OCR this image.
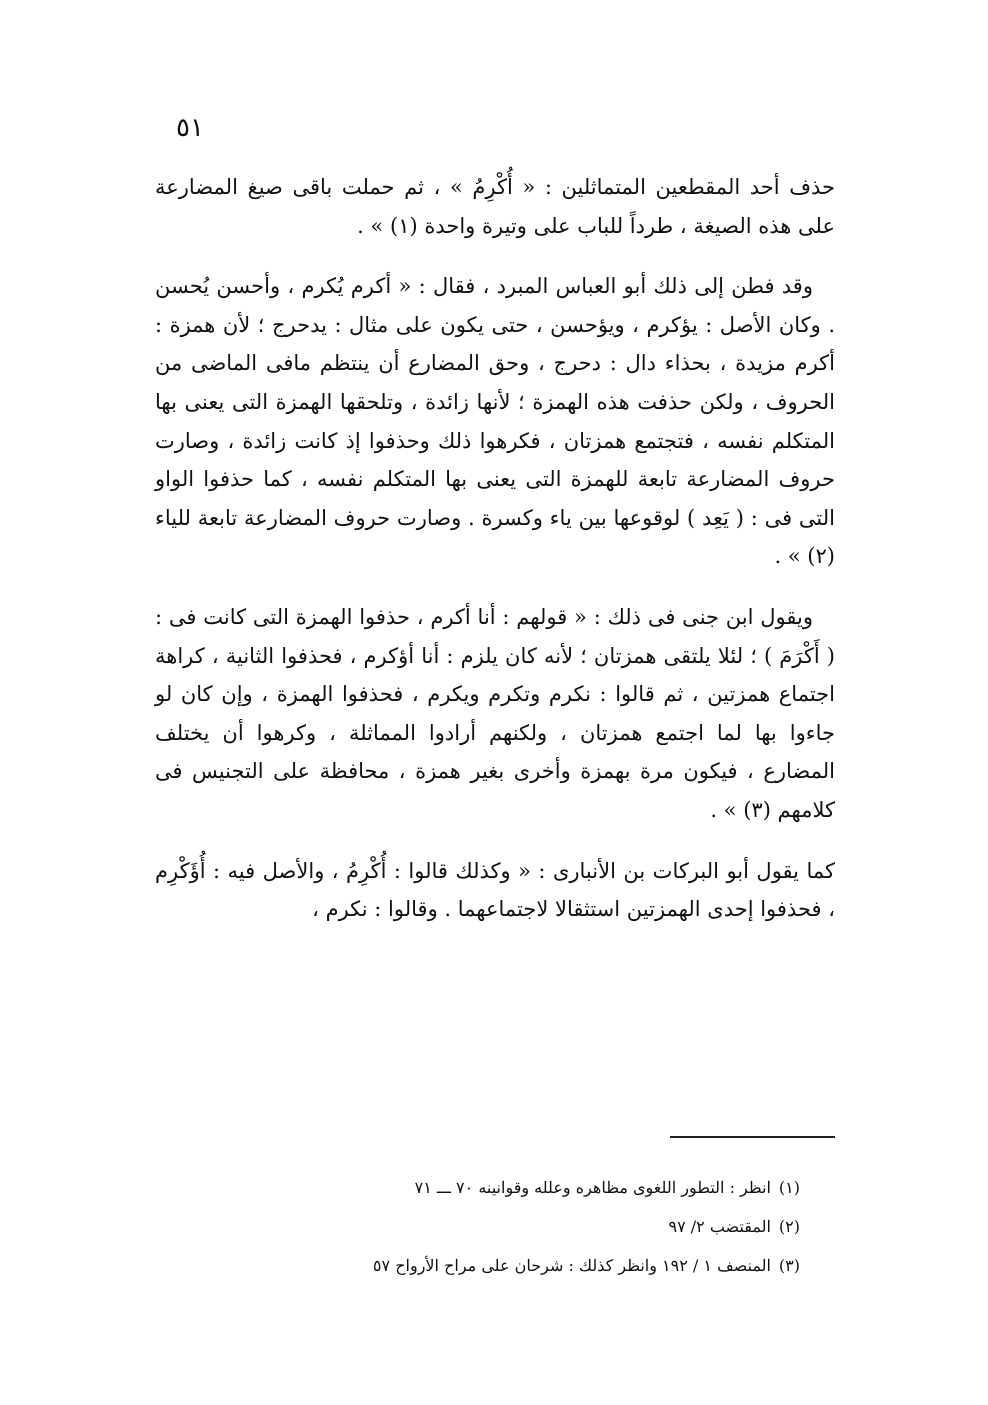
٥١

حذف أحد المقطعين المتماثلين : « أُكْرِمُ » ، ثم حملت باقى صيغ المضارعة على هذه الصيغة ، طرداً للباب على وتيرة واحدة (١) » .

وقد فطن إلى ذلك أبو العباس المبرد ، فقال : « أكرم يُكرم ، وأحسن يُحسن . وكان الأصل : يؤكرم ، ويؤحسن ، حتى يكون على مثال : يدحرج ؛ لأن همزة : أكرم مزيدة ، بحذاء دال : دحرج ، وحق المضارع أن ينتظم مافى الماضى من الحروف ، ولكن حذفت هذه الهمزة ؛ لأنها زائدة ، وتلحقها الهمزة التى يعنى بها المتكلم نفسه ، فتجتمع همزتان ، فكرهوا ذلك وحذفوا إذ كانت زائدة ، وصارت حروف المضارعة تابعة للهمزة التى يعنى بها المتكلم نفسه ، كما حذفوا الواو التى فى : ( يَعِد ) لوقوعها بين ياء وكسرة . وصارت حروف المضارعة تابعة للياء (٢) » .

ويقول ابن جنى فى ذلك : « قولهم : أنا أكرم ، حذفوا الهمزة التى كانت فى : ( أَكْرَمَ ) ؛ لئلا يلتقى همزتان ؛ لأنه كان يلزم : أنا أؤكرم ، فحذفوا الثانية ، كراهة اجتماع همزتين ، ثم قالوا : نكرم وتكرم ويكرم ، فحذفوا الهمزة ، وإن كان لو جاءوا بها لما اجتمع همزتان ، ولكنهم أرادوا المماثلة ، وكرهوا أن يختلف المضارع ، فيكون مرة بهمزة وأخرى بغير همزة ، محافظة على التجنيس فى كلامهم (٣) » .

كما يقول أبو البركات بن الأنبارى : « وكذلك قالوا : أُكْرِمُ ، والأصل فيه : أُؤَكْرِم ، فحذفوا إحدى الهمزتين استثقالا لاجتماعهما . وقالوا : نكرم ،

(١)انظر : التطور اللغوى مظاهره وعلله وقوانينه ٧٠ ـــ ٧١

(٢)المقتضب ٢/ ٩٧

(٣)المنصف ١ / ١٩٢ وانظر كذلك : شرحان على مراح الأرواح ٥٧
